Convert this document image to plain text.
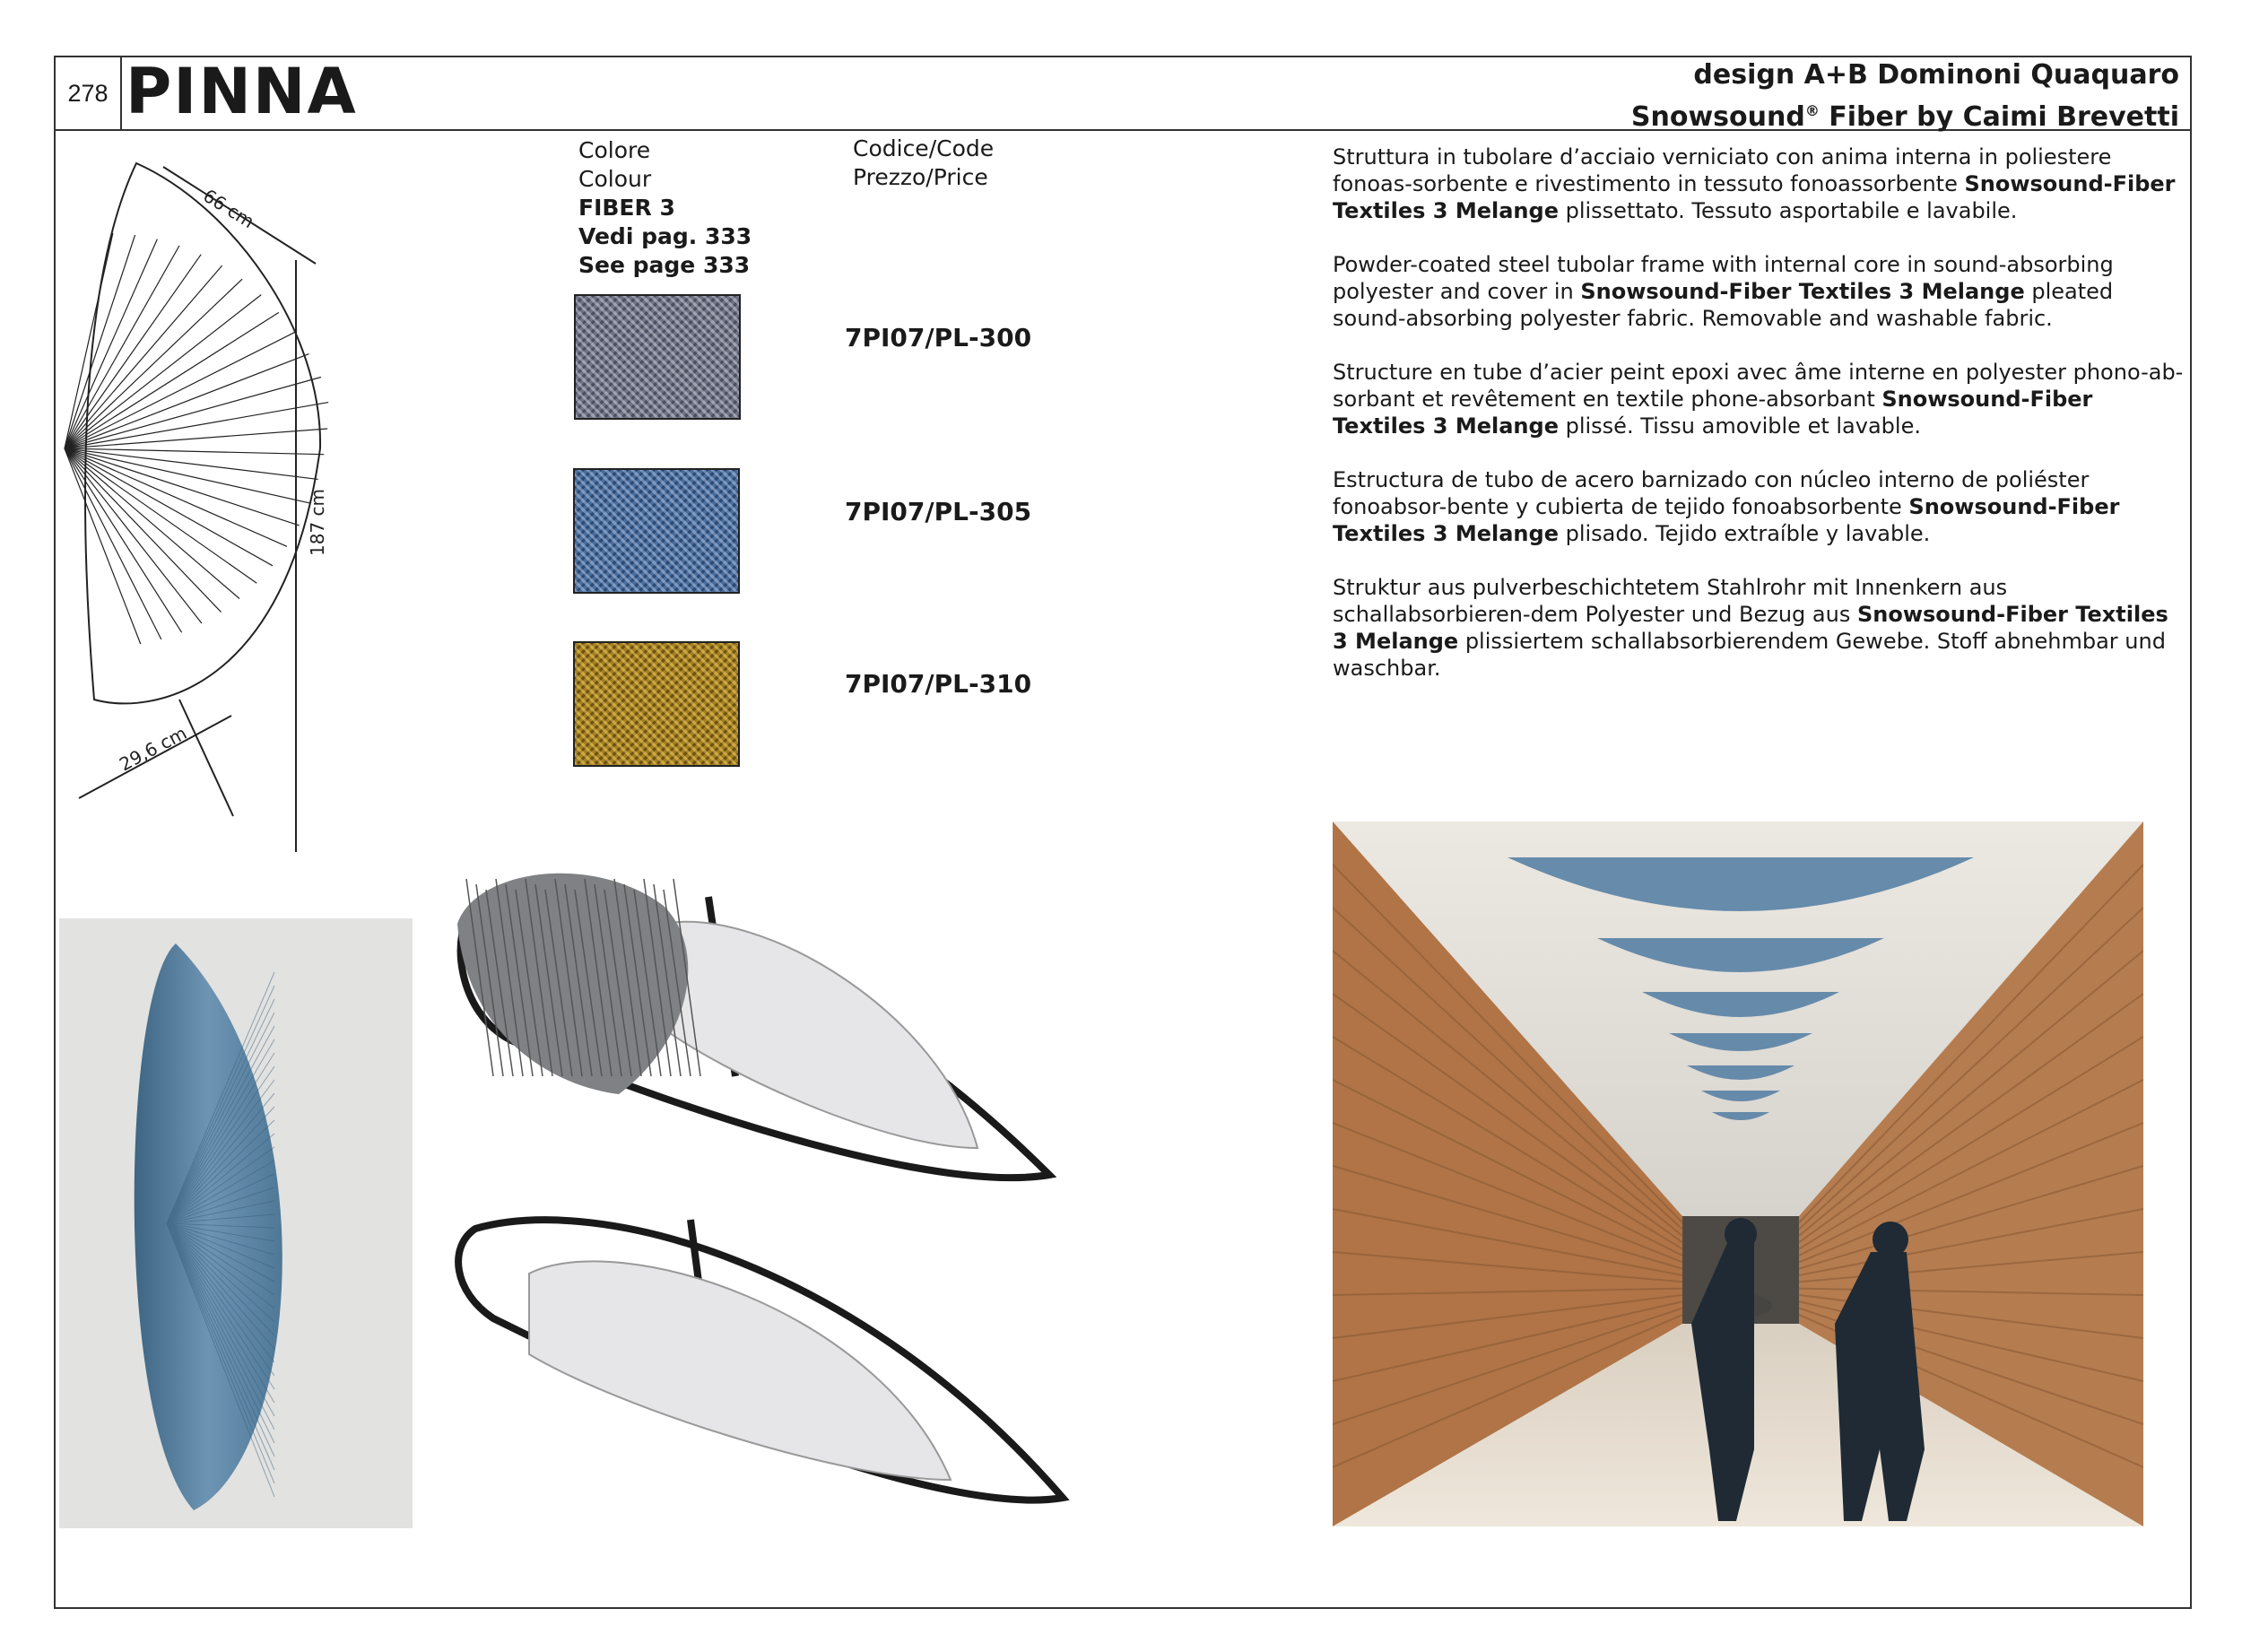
278 PINNA	design A+B Dominoni Quaquaro
Snowsound® Fiber by Caimi Brevetti
66 cm
187 cm
29,6 cm
Colore
Colour
FIBER 3
Vedi pag. 333
See page 333
Codice/Code
Prezzo/Price
7PI07/PL-300
7PI07/PL-305
7PI07/PL-310

Struttura in tubolare d’acciaio verniciato con anima interna in poliestere fonoas-sorbente e rivestimento in tessuto fonoassorbente Snowsound-Fiber Textiles 3 Melange plissettato. Tessuto asportabile e lavabile.

Powder-coated steel tubolar frame with internal core in sound-absorbing polyester and cover in Snowsound-Fiber Textiles 3 Melange pleated sound-absorbing polyester fabric. Removable and washable fabric.

Structure en tube d’acier peint epoxi avec âme interne en polyester phono-ab-sorbant et revêtement en textile phone-absorbant Snowsound-Fiber Textiles 3 Melange plissé. Tissu amovible et lavable.

Estructura de tubo de acero barnizado con núcleo interno de poliéster fonoabsor-bente y cubierta de tejido fonoabsorbente Snowsound-Fiber Textiles 3 Melange plisado. Tejido extraíble y lavable.

Struktur aus pulverbeschichtetem Stahlrohr mit Innenkern aus schallabsorbieren-dem Polyester und Bezug aus Snowsound-Fiber Textiles 3 Melange plissiertem schallabsorbierendem Gewebe. Stoff abnehmbar und waschbar.
